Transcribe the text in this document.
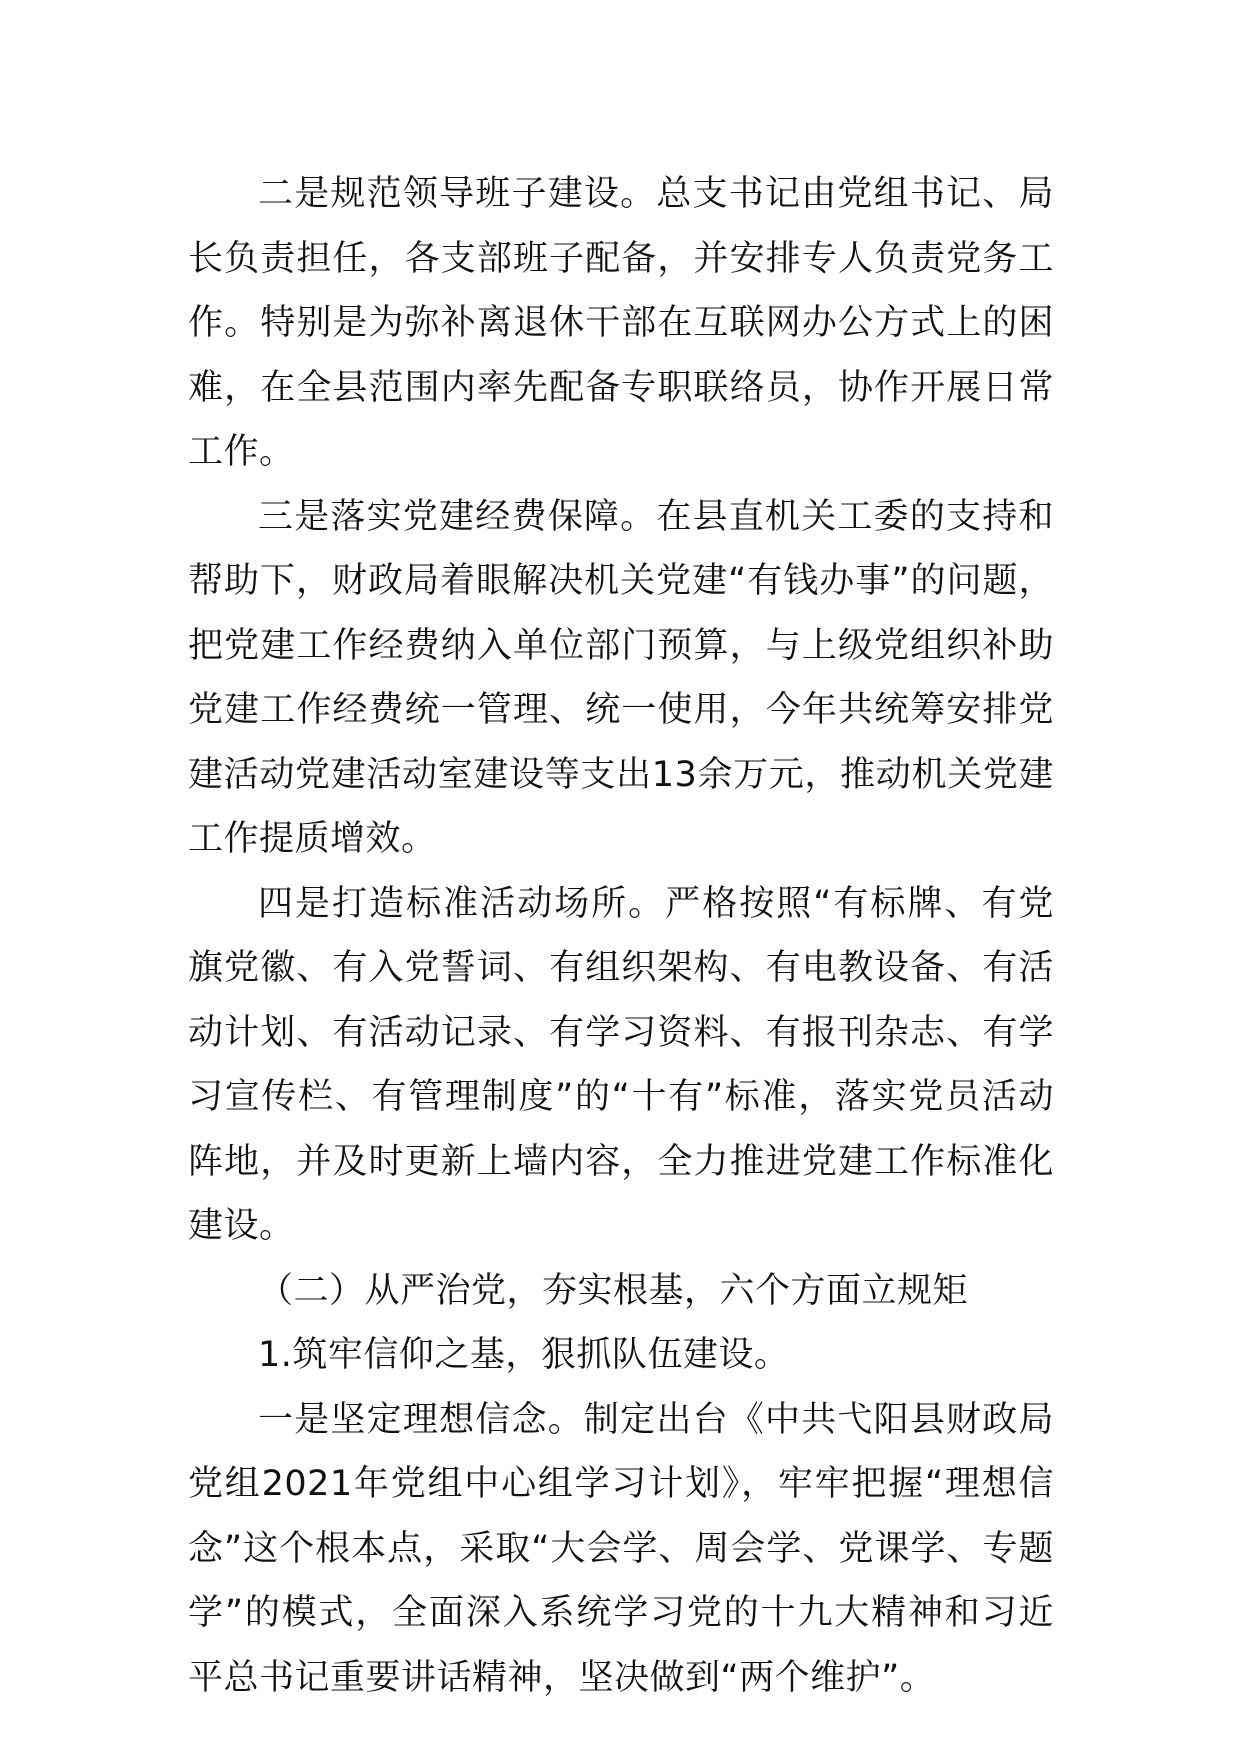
二是规范领导班子建设。总支书记由党组书记、局长负责担任，各支部班子配备，并安排专人负责党务工作。特别是为弥补离退休干部在互联网办公方式上的困难，在全县范围内率先配备专职联络员，协作开展日常工作。

三是落实党建经费保障。在县直机关工委的支持和帮助下，财政局着眼解决机关党建“有钱办事”的问题，把党建工作经费纳入单位部门预算，与上级党组织补助党建工作经费统一管理、统一使用，今年共统筹安排党建活动党建活动室建设等支出13余万元，推动机关党建工作提质增效。

四是打造标准活动场所。严格按照“有标牌、有党旗党徽、有入党誓词、有组织架构、有电教设备、有活动计划、有活动记录、有学习资料、有报刊杂志、有学习宣传栏、有管理制度”的“十有”标准，落实党员活动阵地，并及时更新上墙内容，全力推进党建工作标准化建设。

（二）从严治党，夯实根基，六个方面立规矩

1.筑牢信仰之基，狠抓队伍建设。

一是坚定理想信念。制定出台《中共弋阳县财政局党组2021年党组中心组学习计划》，牢牢把握“理想信念”这个根本点，采取“大会学、周会学、党课学、专题学”的模式，全面深入系统学习党的十九大精神和习近平总书记重要讲话精神，坚决做到“两个维护”。
